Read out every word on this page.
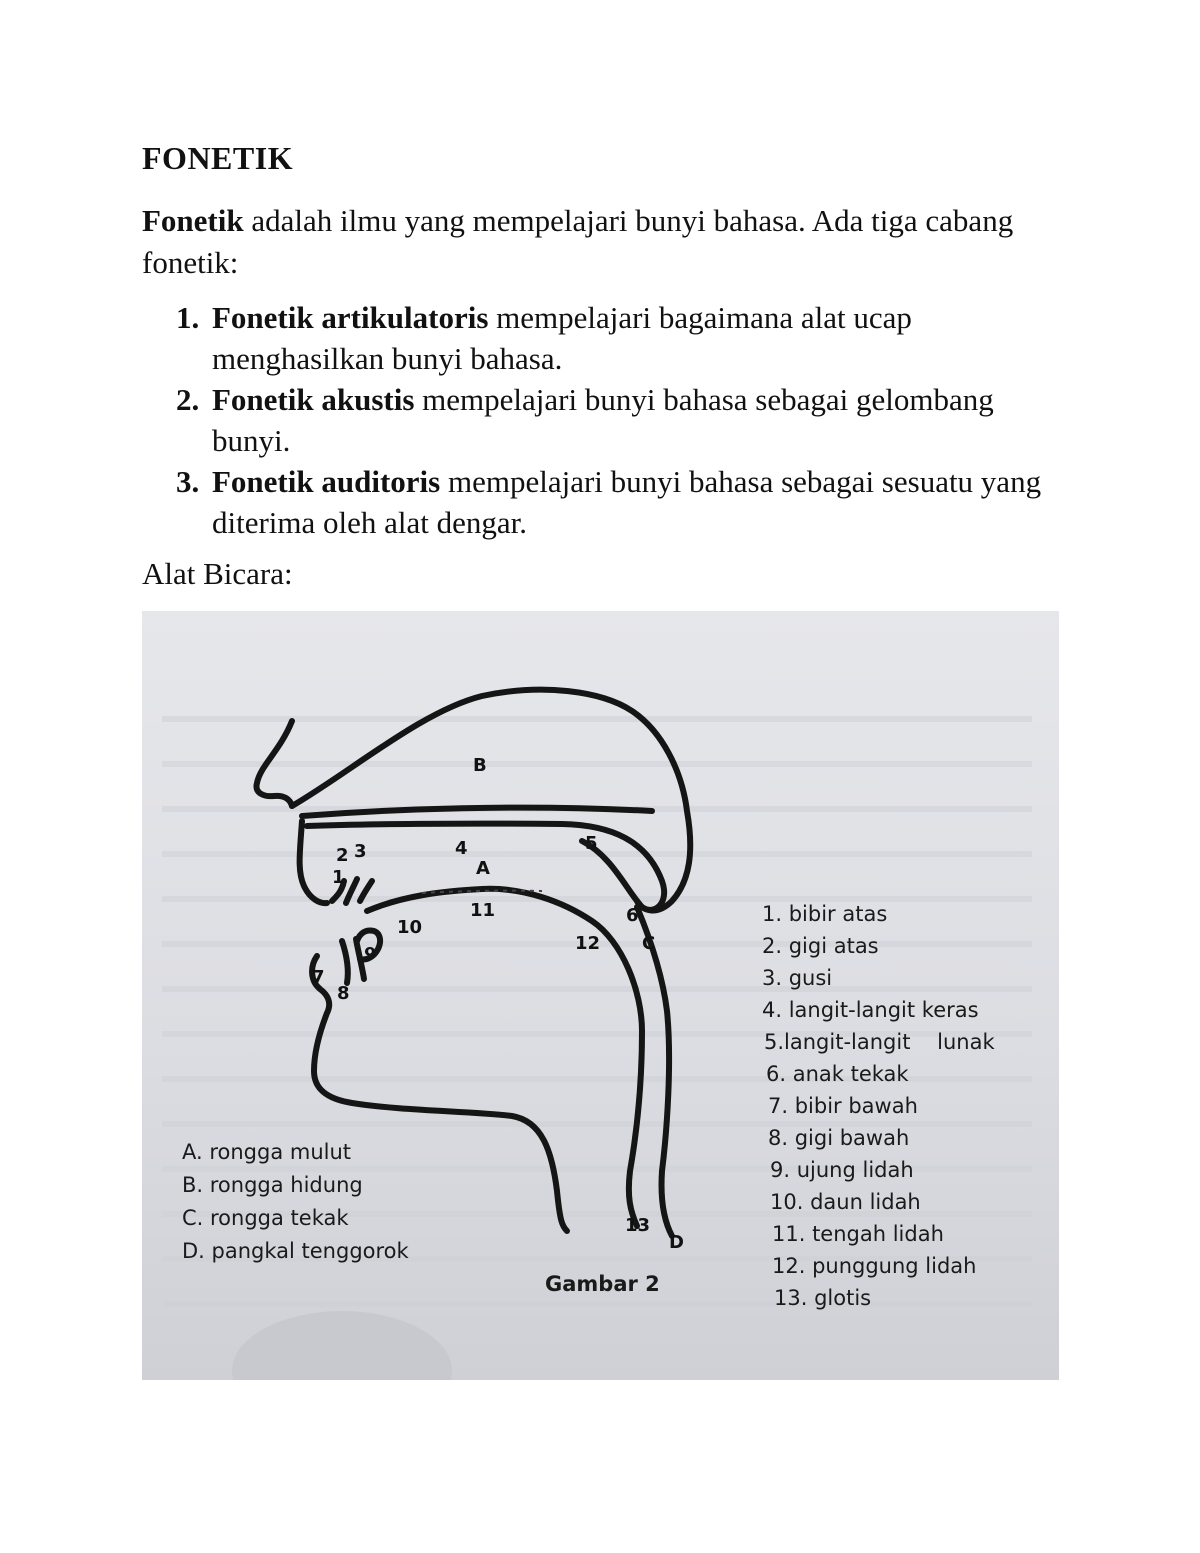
FONETIK

Fonetik adalah ilmu yang mempelajari bunyi bahasa. Ada tiga cabang fonetik:

1. Fonetik artikulatoris mempelajari bagaimana alat ucap menghasilkan bunyi bahasa.
2. Fonetik akustis mempelajari bunyi bahasa sebagai gelombang bunyi.
3. Fonetik auditoris mempelajari bunyi bahasa sebagai sesuatu yang diterima oleh alat dengar.

Alat Bicara:

1
2 3	4	5
6
7
8
9
10
11
12
13
A
B
C
D
A. rongga mulut
B. rongga hidung
C. rongga tekak
D. pangkal tenggorok
1. bibir atas
2. gigi atas
3. gusi
4. langit-langit keras
5.langit-langit    lunak
6. anak tekak
7. bibir bawah
8. gigi bawah
9. ujung lidah
10. daun lidah
11. tengah lidah
12. punggung lidah
13. glotis
Gambar 2
